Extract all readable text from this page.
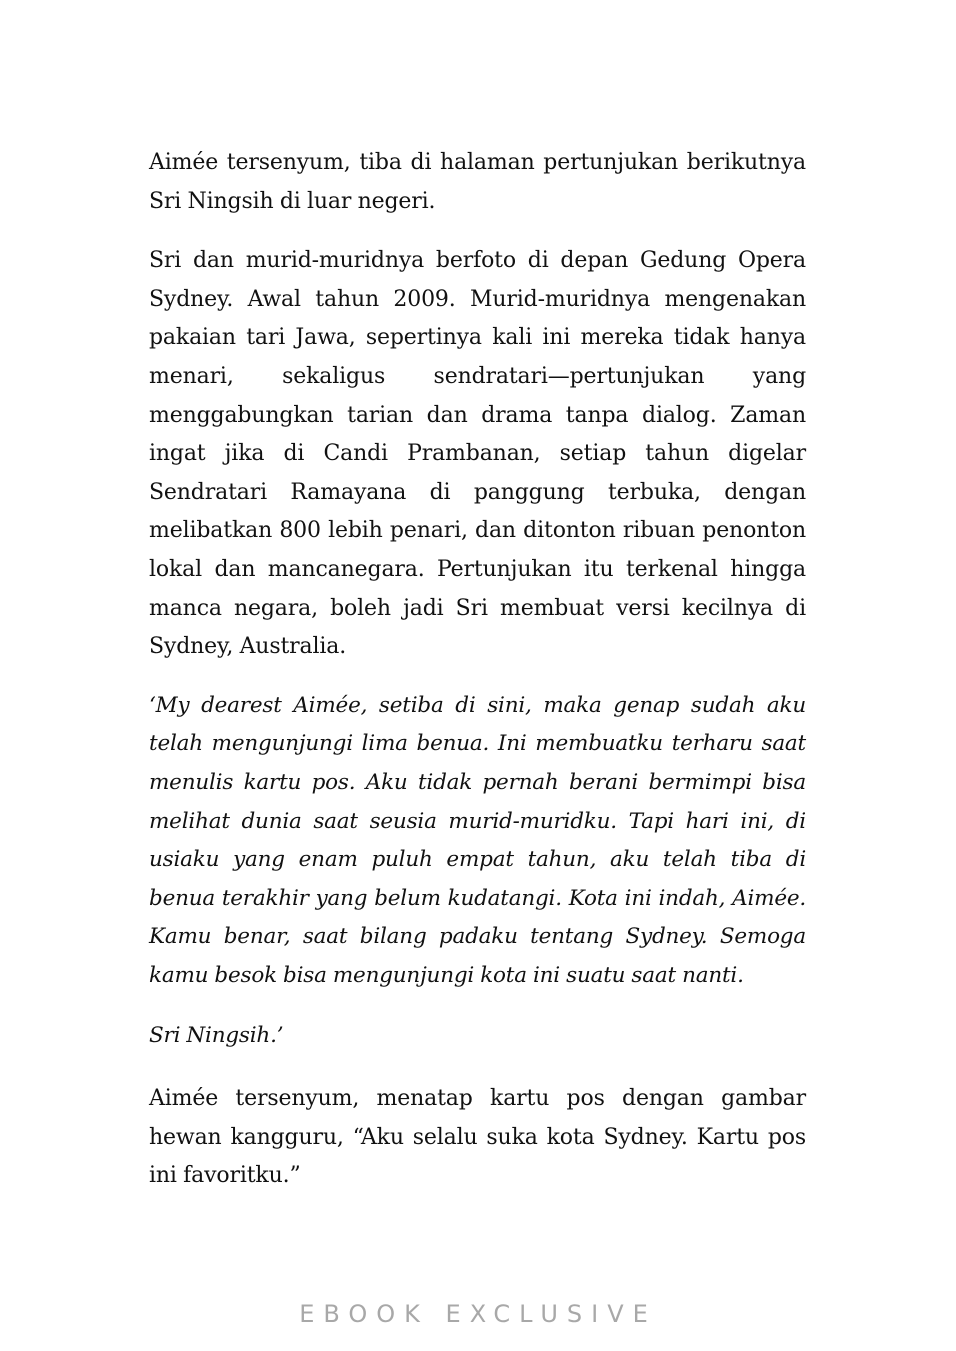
Aimée tersenyum, tiba di halaman pertunjukan berikutnya Sri Ningsih di luar negeri.

Sri dan murid-muridnya berfoto di depan Gedung Opera Sydney. Awal tahun 2009. Murid-muridnya mengenakan pakaian tari Jawa, sepertinya kali ini mereka tidak hanya menari, sekaligus sendratari—pertunjukan yang menggabungkan tarian dan drama tanpa dialog. Zaman ingat jika di Candi Prambanan, setiap tahun digelar Sendratari Ramayana di panggung terbuka, dengan melibatkan 800 lebih penari, dan ditonton ribuan penonton lokal dan mancanegara. Pertunjukan itu terkenal hingga manca negara, boleh jadi Sri membuat versi kecilnya di Sydney, Australia.

‘My dearest Aimée, setiba di sini, maka genap sudah aku telah mengunjungi lima benua. Ini membuatku terharu saat menulis kartu pos. Aku tidak pernah berani bermimpi bisa melihat dunia saat seusia murid-muridku. Tapi hari ini, di usiaku yang enam puluh empat tahun, aku telah tiba di benua terakhir yang belum kudatangi. Kota ini indah, Aimée. Kamu benar, saat bilang padaku tentang Sydney. Semoga kamu besok bisa mengunjungi kota ini suatu saat nanti.

Sri Ningsih.’

Aimée tersenyum, menatap kartu pos dengan gambar hewan kangguru, “Aku selalu suka kota Sydney. Kartu pos ini favoritku.”

EBOOK EXCLUSIVE
